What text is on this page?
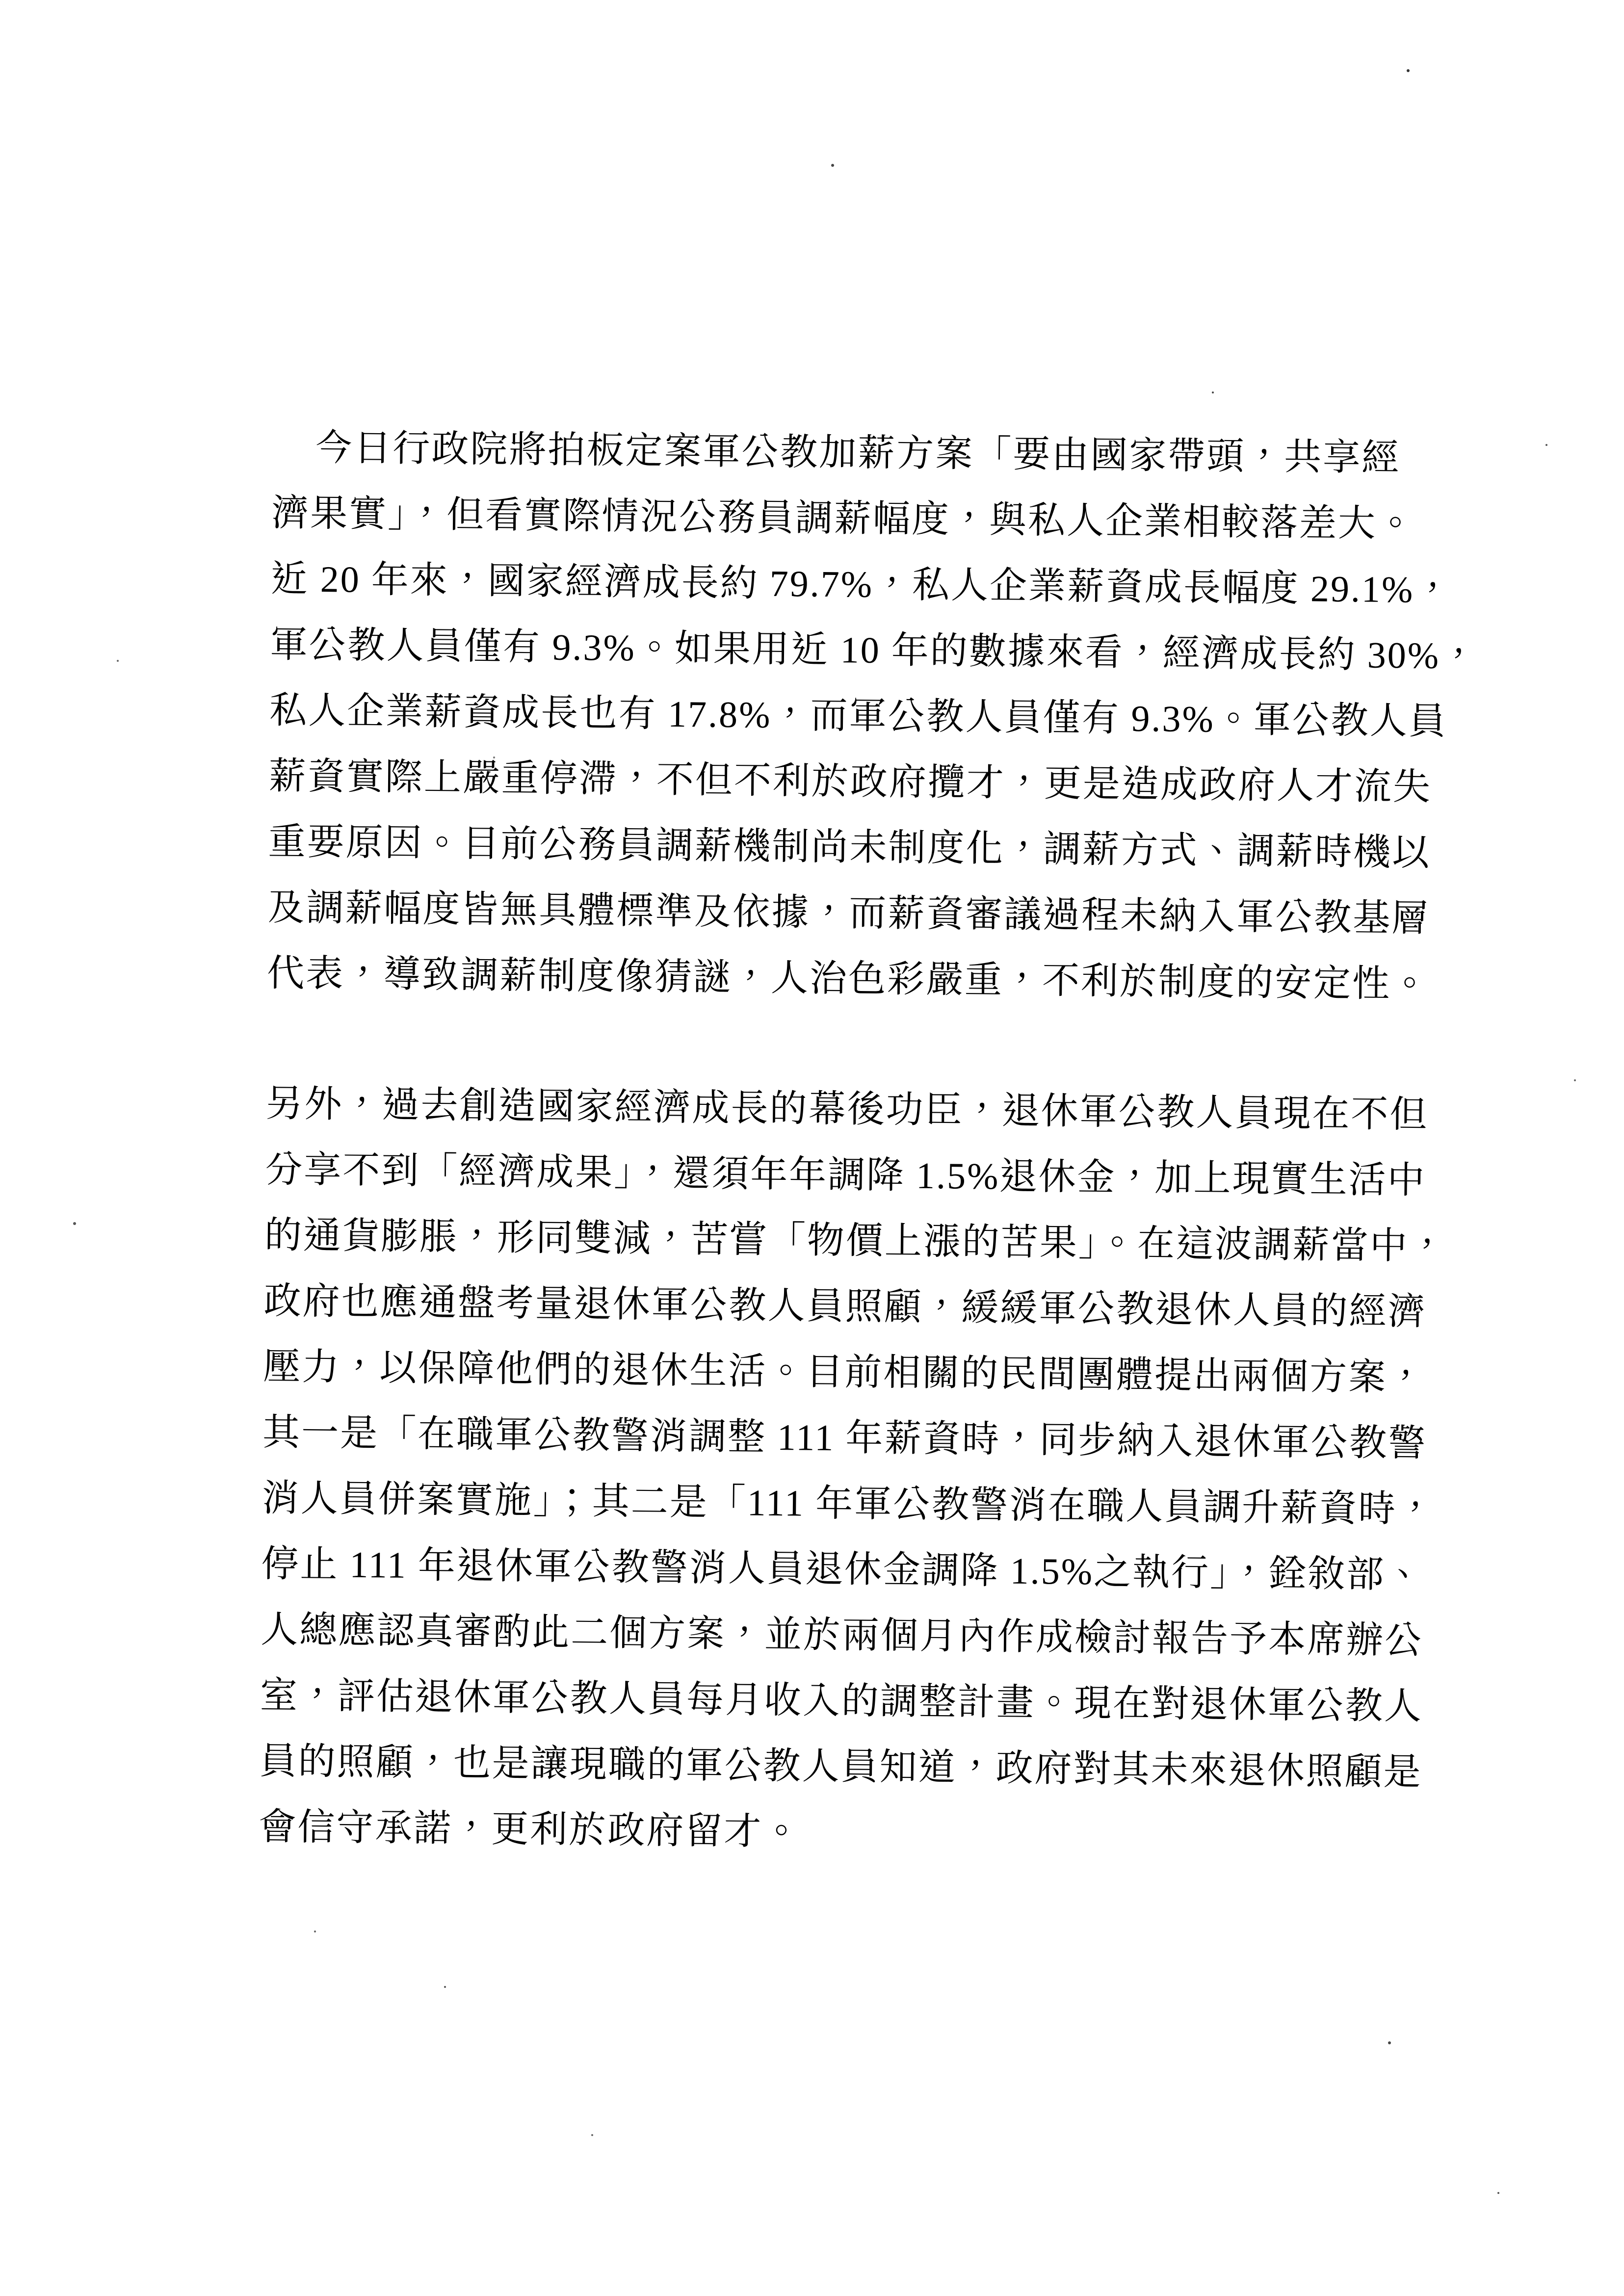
今日行政院將拍板定案軍公教加薪方案「要由國家帶頭，共享經
濟果實」，但看實際情況公務員調薪幅度，與私人企業相較落差大。
近 20 年來，國家經濟成長約 79.7%，私人企業薪資成長幅度 29.1%，
軍公教人員僅有 9.3%。如果用近 10 年的數據來看，經濟成長約 30%，
私人企業薪資成長也有 17.8%，而軍公教人員僅有 9.3%。軍公教人員
薪資實際上嚴重停滯，不但不利於政府攬才，更是造成政府人才流失
重要原因。目前公務員調薪機制尚未制度化，調薪方式、調薪時機以
及調薪幅度皆無具體標準及依據，而薪資審議過程未納入軍公教基層
代表，導致調薪制度像猜謎，人治色彩嚴重，不利於制度的安定性。
另外，過去創造國家經濟成長的幕後功臣，退休軍公教人員現在不但
分享不到「經濟成果」，還須年年調降 1.5%退休金，加上現實生活中
的通貨膨脹，形同雙減，苦嘗「物價上漲的苦果」。在這波調薪當中，
政府也應通盤考量退休軍公教人員照顧，緩緩軍公教退休人員的經濟
壓力，以保障他們的退休生活。目前相關的民間團體提出兩個方案，
其一是「在職軍公教警消調整 111 年薪資時，同步納入退休軍公教警
消人員併案實施」；其二是「111 年軍公教警消在職人員調升薪資時，
停止 111 年退休軍公教警消人員退休金調降 1.5%之執行」，銓敘部、
人總應認真審酌此二個方案，並於兩個月內作成檢討報告予本席辦公
室，評估退休軍公教人員每月收入的調整計畫。現在對退休軍公教人
員的照顧，也是讓現職的軍公教人員知道，政府對其未來退休照顧是
會信守承諾，更利於政府留才。
